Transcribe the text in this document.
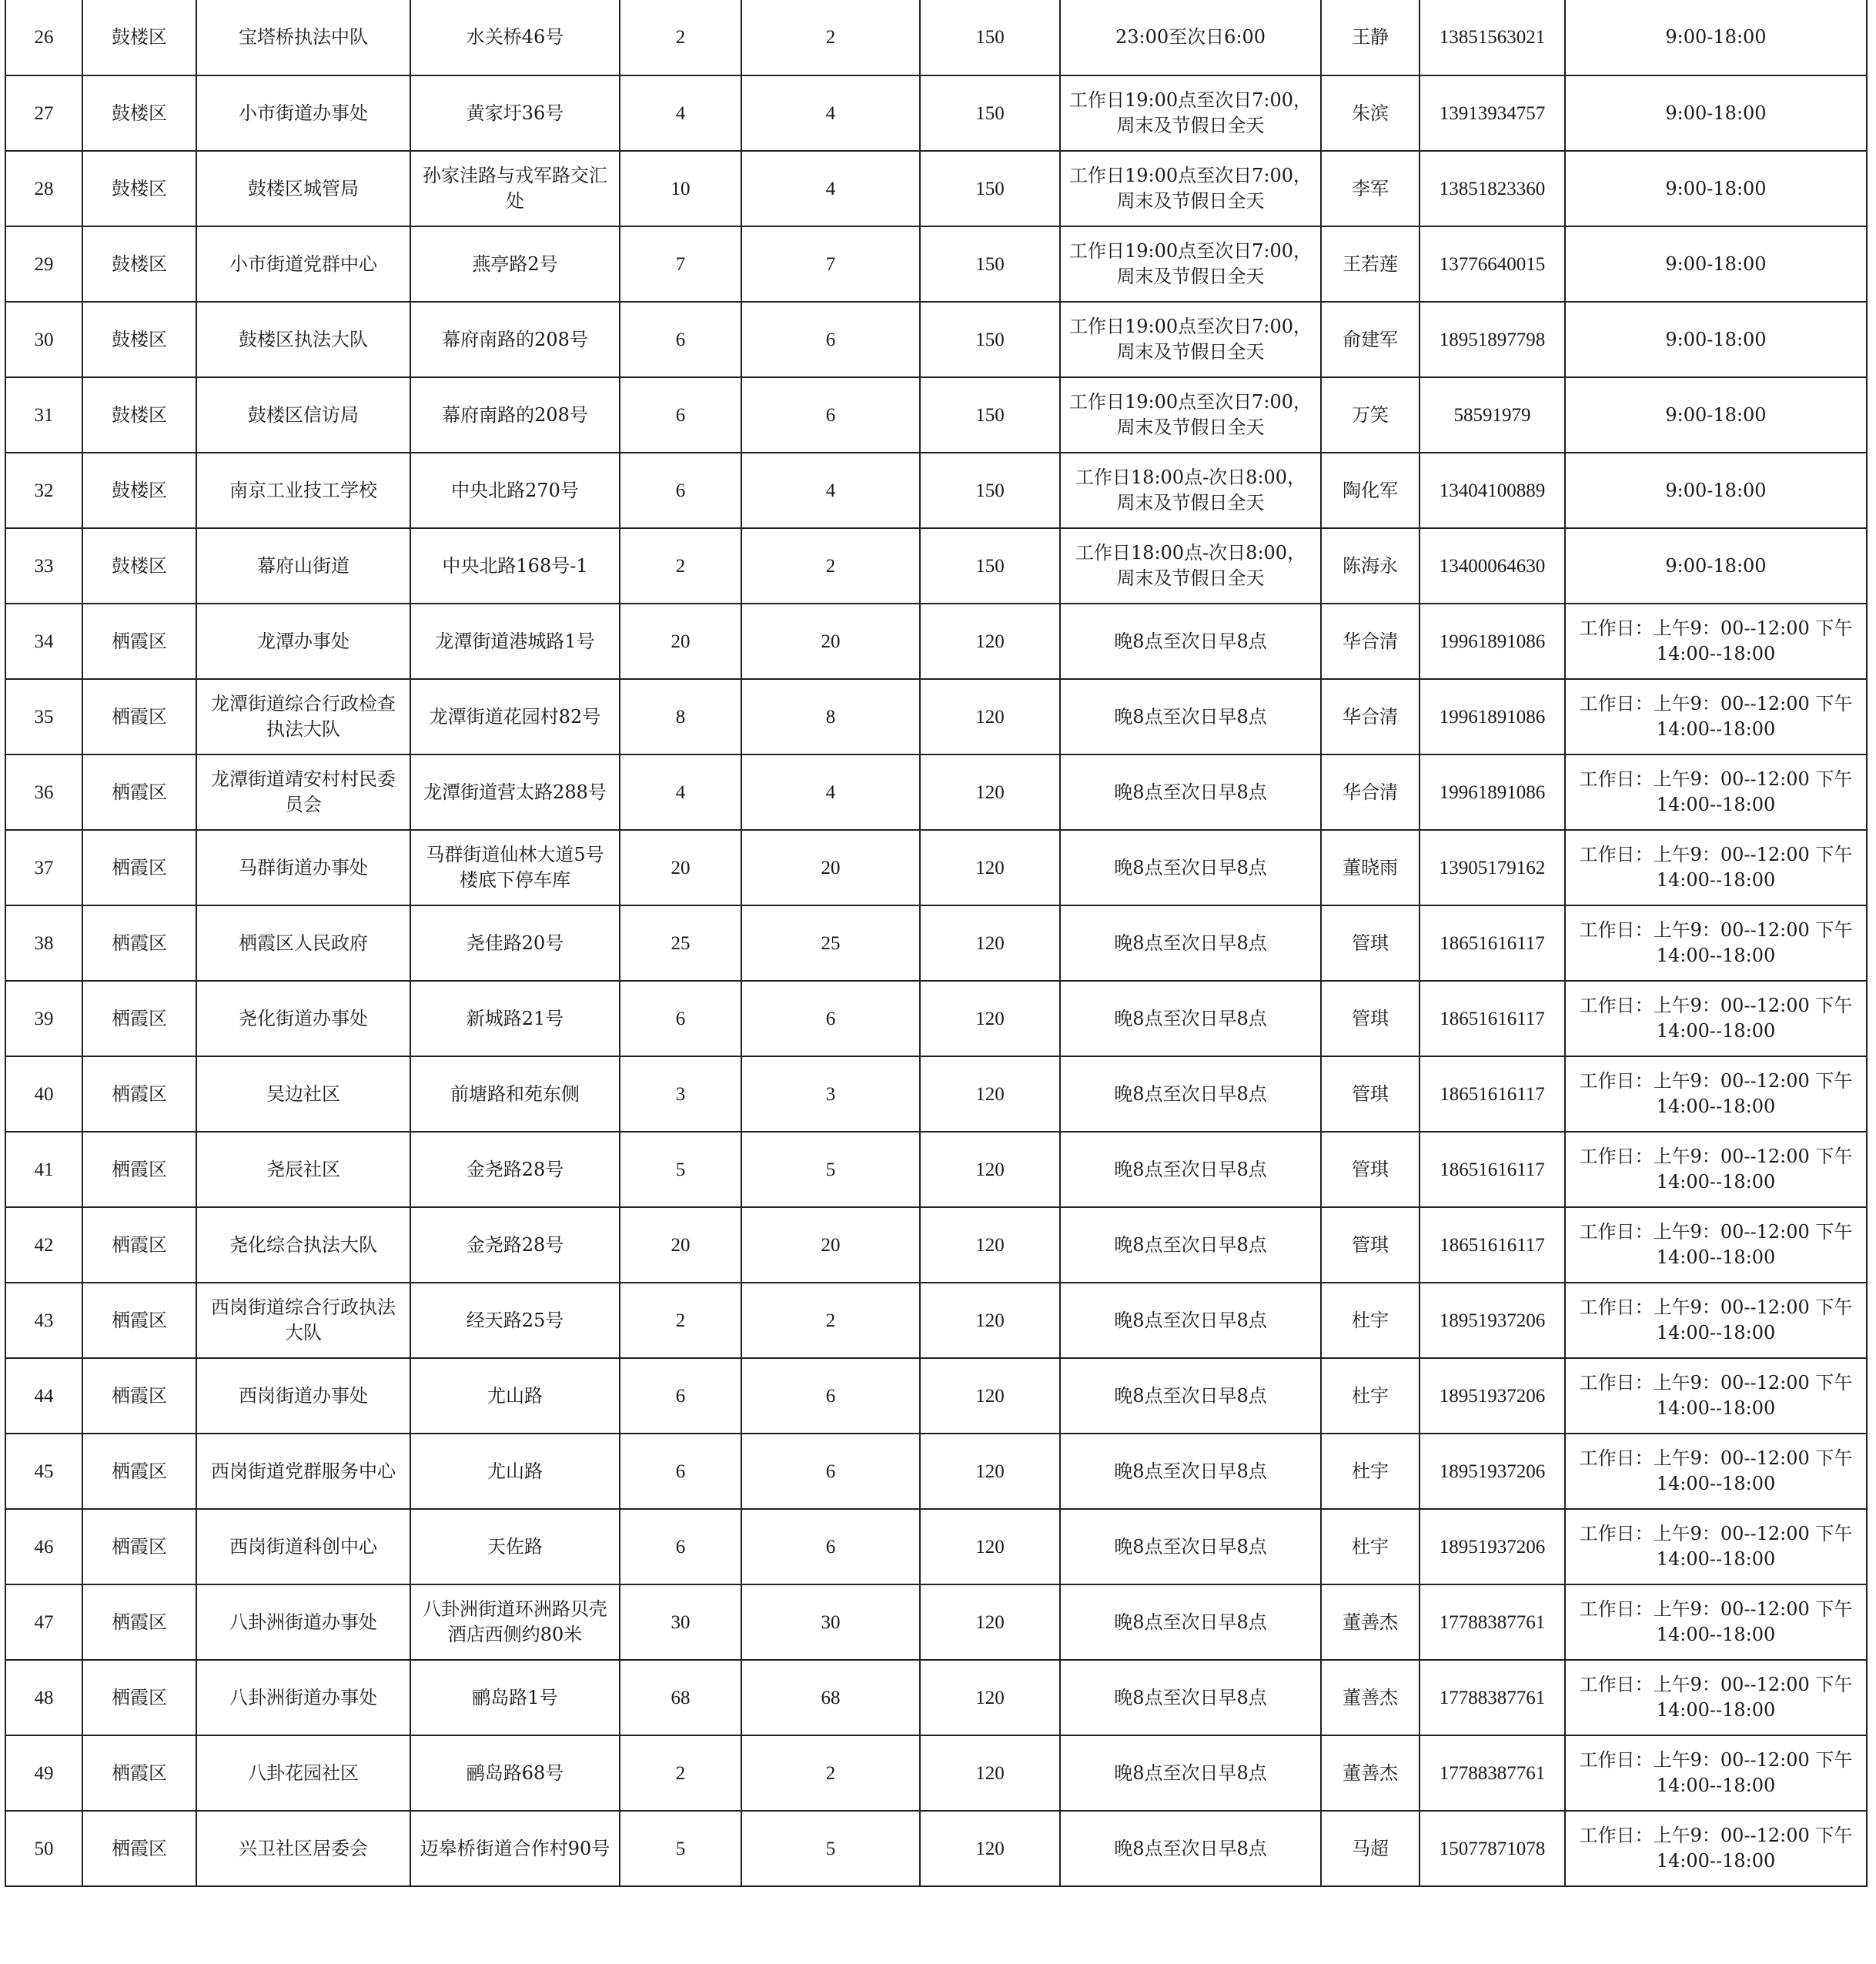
26	鼓楼区	宝塔桥执法中队	水关桥46号	2	2	150	23:00至次日6:00	王静	13851563021	9:00-18:00
27	鼓楼区	小市街道办事处	黄家圩36号	4	4	150	工作日19:00点至次日7:00，周末及节假日全天	朱滨	13913934757	9:00-18:00
28	鼓楼区	鼓楼区城管局	孙家洼路与戎军路交汇处	10	4	150	工作日19:00点至次日7:00，周末及节假日全天	李军	13851823360	9:00-18:00
29	鼓楼区	小市街道党群中心	燕亭路2号	7	7	150	工作日19:00点至次日7:00，周末及节假日全天	王若莲	13776640015	9:00-18:00
30	鼓楼区	鼓楼区执法大队	幕府南路的208号	6	6	150	工作日19:00点至次日7:00，周末及节假日全天	俞建军	18951897798	9:00-18:00
31	鼓楼区	鼓楼区信访局	幕府南路的208号	6	6	150	工作日19:00点至次日7:00，周末及节假日全天	万笑	58591979	9:00-18:00
32	鼓楼区	南京工业技工学校	中央北路270号	6	4	150	工作日18:00点-次日8:00，周末及节假日全天	陶化军	13404100889	9:00-18:00
33	鼓楼区	幕府山街道	中央北路168号-1	2	2	150	工作日18:00点-次日8:00，周末及节假日全天	陈海永	13400064630	9:00-18:00
34	栖霞区	龙潭办事处	龙潭街道港城路1号	20	20	120	晚8点至次日早8点	华合清	19961891086	工作日：上午9：00--12:00 下午14:00--18:00
35	栖霞区	龙潭街道综合行政检查执法大队	龙潭街道花园村82号	8	8	120	晚8点至次日早8点	华合清	19961891086	工作日：上午9：00--12:00 下午14:00--18:00
36	栖霞区	龙潭街道靖安村村民委员会	龙潭街道营太路288号	4	4	120	晚8点至次日早8点	华合清	19961891086	工作日：上午9：00--12:00 下午14:00--18:00
37	栖霞区	马群街道办事处	马群街道仙林大道5号楼底下停车库	20	20	120	晚8点至次日早8点	董晓雨	13905179162	工作日：上午9：00--12:00 下午14:00--18:00
38	栖霞区	栖霞区人民政府	尧佳路20号	25	25	120	晚8点至次日早8点	管琪	18651616117	工作日：上午9：00--12:00 下午14:00--18:00
39	栖霞区	尧化街道办事处	新城路21号	6	6	120	晚8点至次日早8点	管琪	18651616117	工作日：上午9：00--12:00 下午14:00--18:00
40	栖霞区	吴边社区	前塘路和苑东侧	3	3	120	晚8点至次日早8点	管琪	18651616117	工作日：上午9：00--12:00 下午14:00--18:00
41	栖霞区	尧辰社区	金尧路28号	5	5	120	晚8点至次日早8点	管琪	18651616117	工作日：上午9：00--12:00 下午14:00--18:00
42	栖霞区	尧化综合执法大队	金尧路28号	20	20	120	晚8点至次日早8点	管琪	18651616117	工作日：上午9：00--12:00 下午14:00--18:00
43	栖霞区	西岗街道综合行政执法大队	经天路25号	2	2	120	晚8点至次日早8点	杜宇	18951937206	工作日：上午9：00--12:00 下午14:00--18:00
44	栖霞区	西岗街道办事处	尤山路	6	6	120	晚8点至次日早8点	杜宇	18951937206	工作日：上午9：00--12:00 下午14:00--18:00
45	栖霞区	西岗街道党群服务中心	尤山路	6	6	120	晚8点至次日早8点	杜宇	18951937206	工作日：上午9：00--12:00 下午14:00--18:00
46	栖霞区	西岗街道科创中心	天佐路	6	6	120	晚8点至次日早8点	杜宇	18951937206	工作日：上午9：00--12:00 下午14:00--18:00
47	栖霞区	八卦洲街道办事处	八卦洲街道环洲路贝壳酒店西侧约80米	30	30	120	晚8点至次日早8点	董善杰	17788387761	工作日：上午9：00--12:00 下午14:00--18:00
48	栖霞区	八卦洲街道办事处	鹂岛路1号	68	68	120	晚8点至次日早8点	董善杰	17788387761	工作日：上午9：00--12:00 下午14:00--18:00
49	栖霞区	八卦花园社区	鹂岛路68号	2	2	120	晚8点至次日早8点	董善杰	17788387761	工作日：上午9：00--12:00 下午14:00--18:00
50	栖霞区	兴卫社区居委会	迈皋桥街道合作村90号	5	5	120	晚8点至次日早8点	马超	15077871078	工作日：上午9：00--12:00 下午14:00--18:00
